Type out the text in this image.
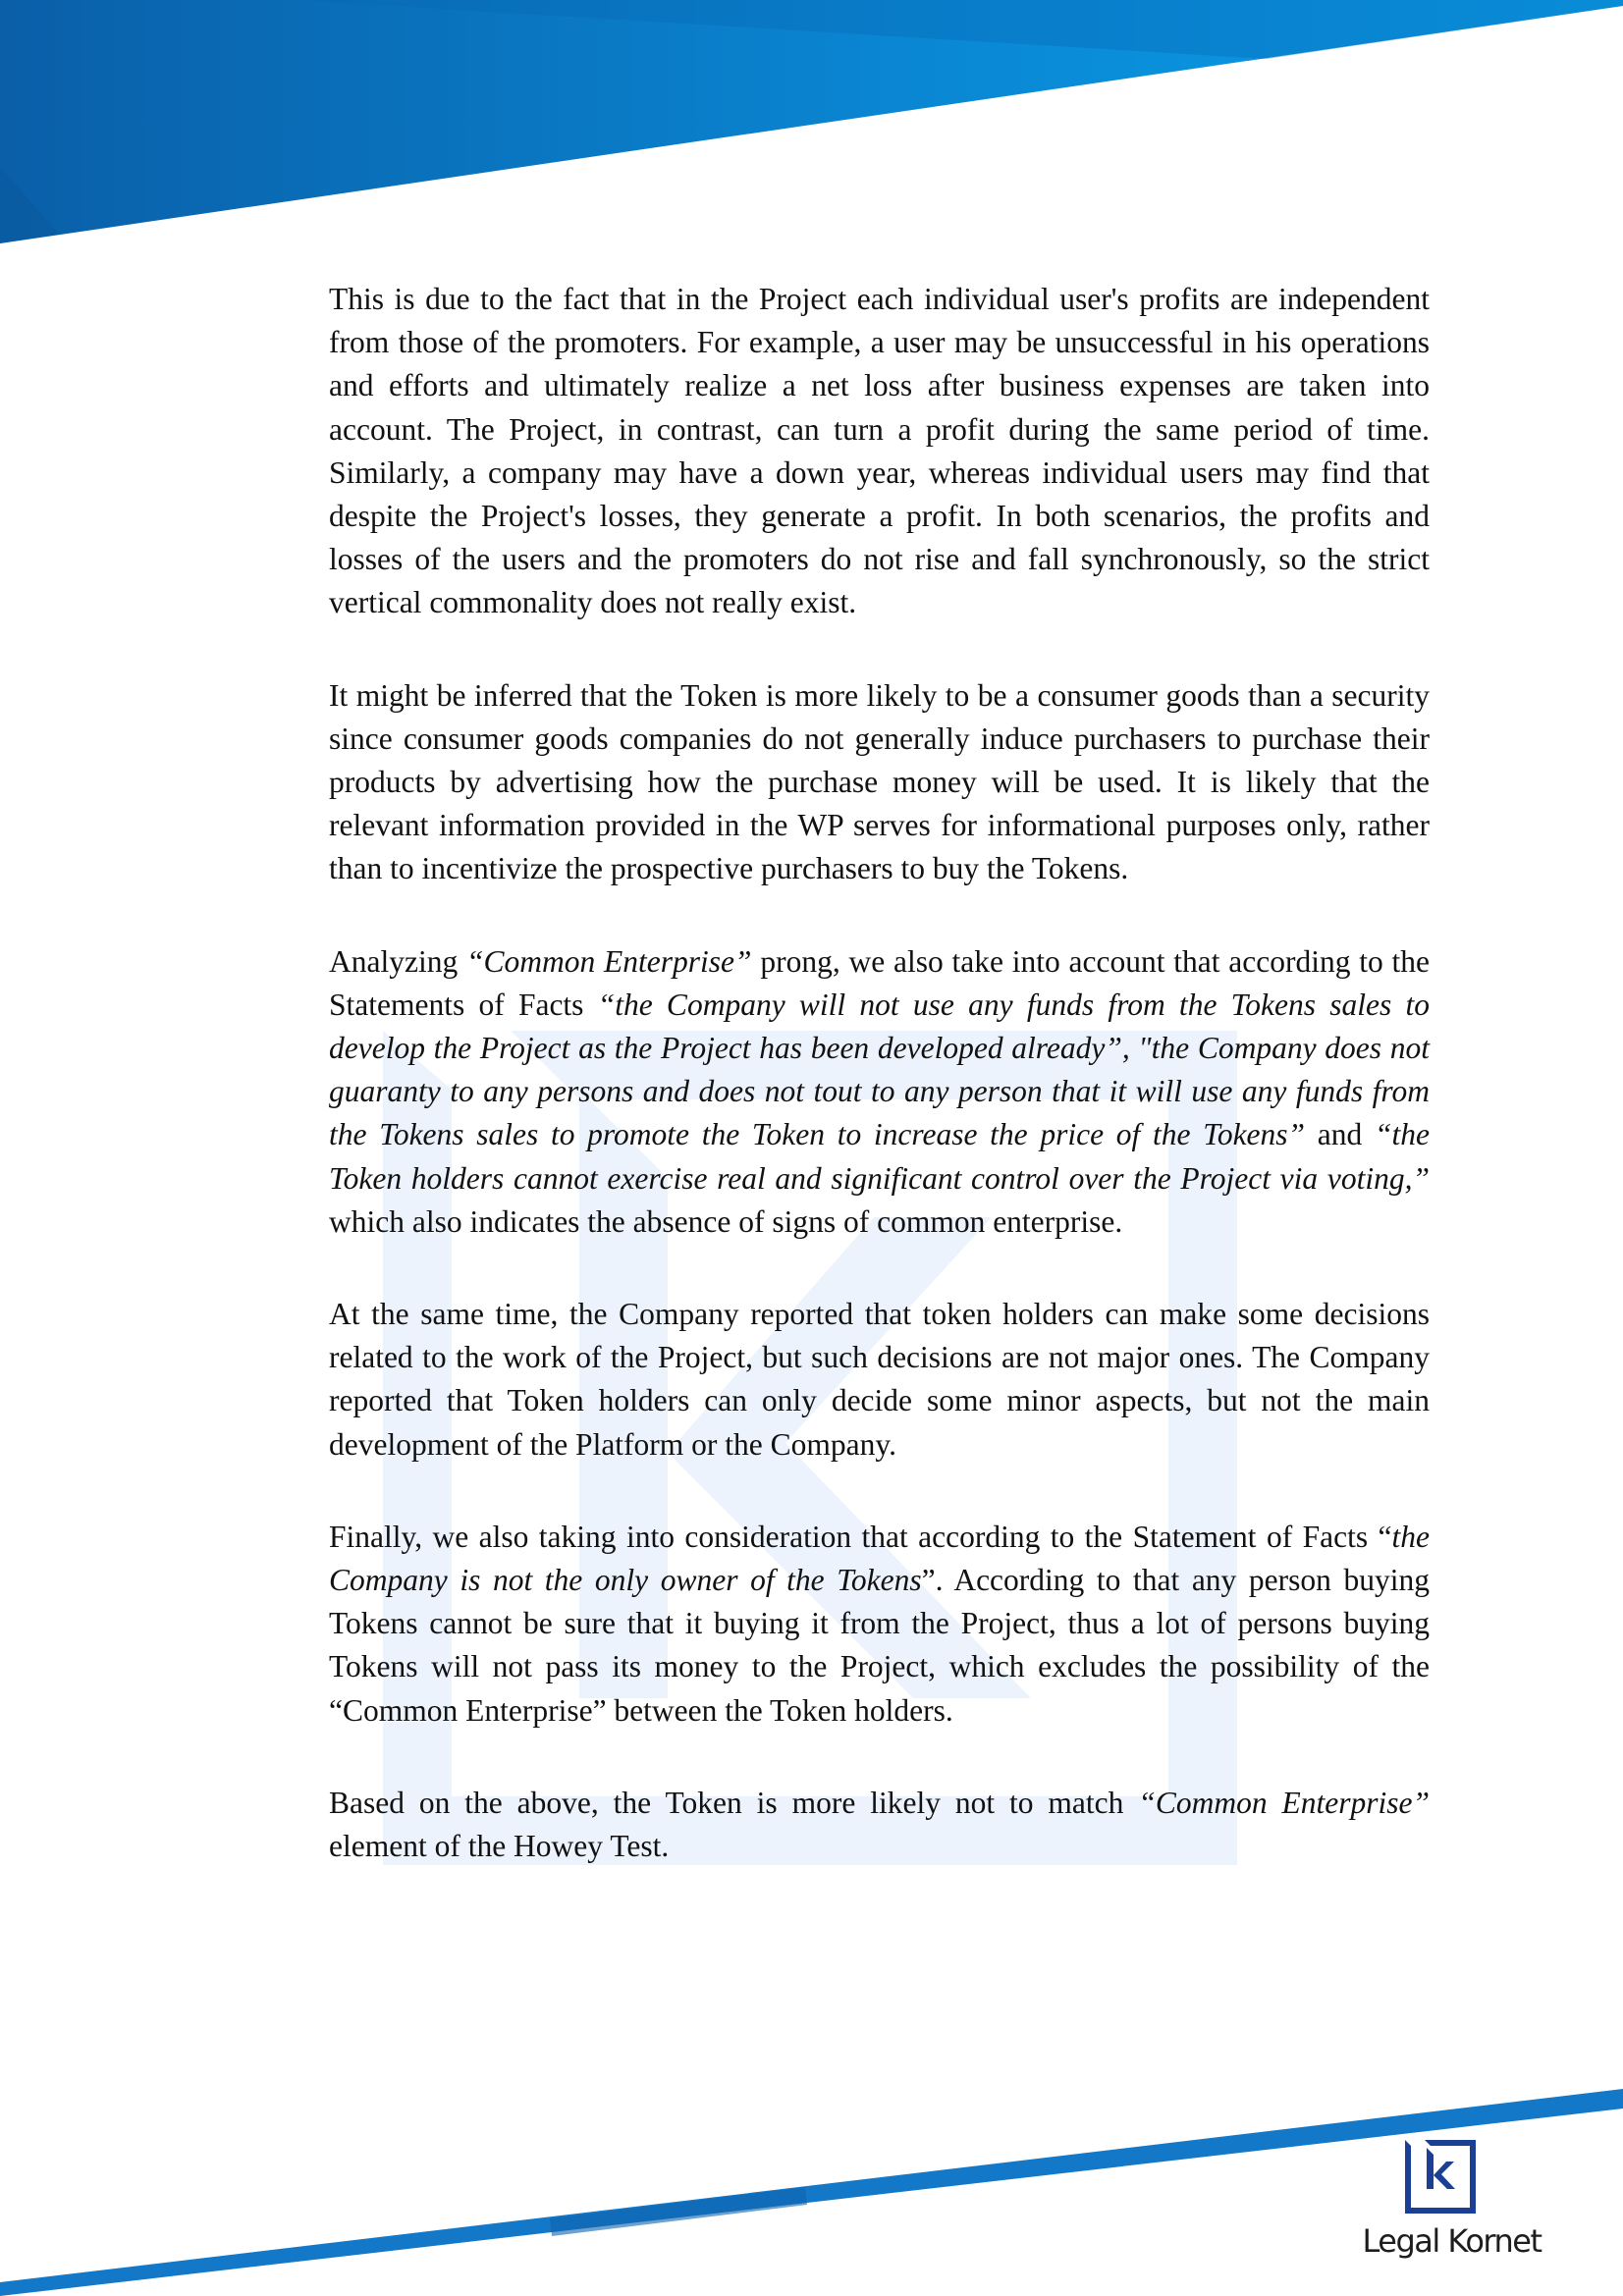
This is due to the fact that in the Project each individual user's profits are independent from those of the promoters. For example, a user may be unsuccessful in his operations and efforts and ultimately realize a net loss after business expenses are taken into account. The Project, in contrast, can turn a profit during the same period of time. Similarly, a company may have a down year, whereas individual users may find that despite the Project's losses, they generate a profit. In both scenarios, the profits and losses of the users and the promoters do not rise and fall synchronously, so the strict vertical commonality does not really exist.

It might be inferred that the Token is more likely to be a consumer goods than a security since consumer goods companies do not generally induce purchasers to purchase their products by advertising how the purchase money will be used. It is likely that the relevant information provided in the WP serves for informational purposes only, rather than to incentivize the prospective purchasers to buy the Tokens.

Analyzing “Common Enterprise” prong, we also take into account that according to the Statements of Facts “the Company will not use any funds from the Tokens sales to develop the Project as the Project has been developed already”, "the Company does not guaranty to any persons and does not tout to any person that it will use any funds from the Tokens sales to promote the Token to increase the price of the Tokens” and “the Token holders cannot exercise real and significant control over the Project via voting,” which also indicates the absence of signs of common enterprise.

At the same time, the Company reported that token holders can make some decisions related to the work of the Project, but such decisions are not major ones. The Company reported that Token holders can only decide some minor aspects, but not the main development of the Platform or the Company.

Finally, we also taking into consideration that according to the Statement of Facts “the Company is not the only owner of the Tokens”. According to that any person buying Tokens cannot be sure that it buying it from the Project, thus a lot of persons buying Tokens will not pass its money to the Project, which excludes the possibility of the “Common Enterprise” between the Token holders.

Based on the above, the Token is more likely not to match “Common Enterprise” element of the Howey Test.

Legal Kornet
